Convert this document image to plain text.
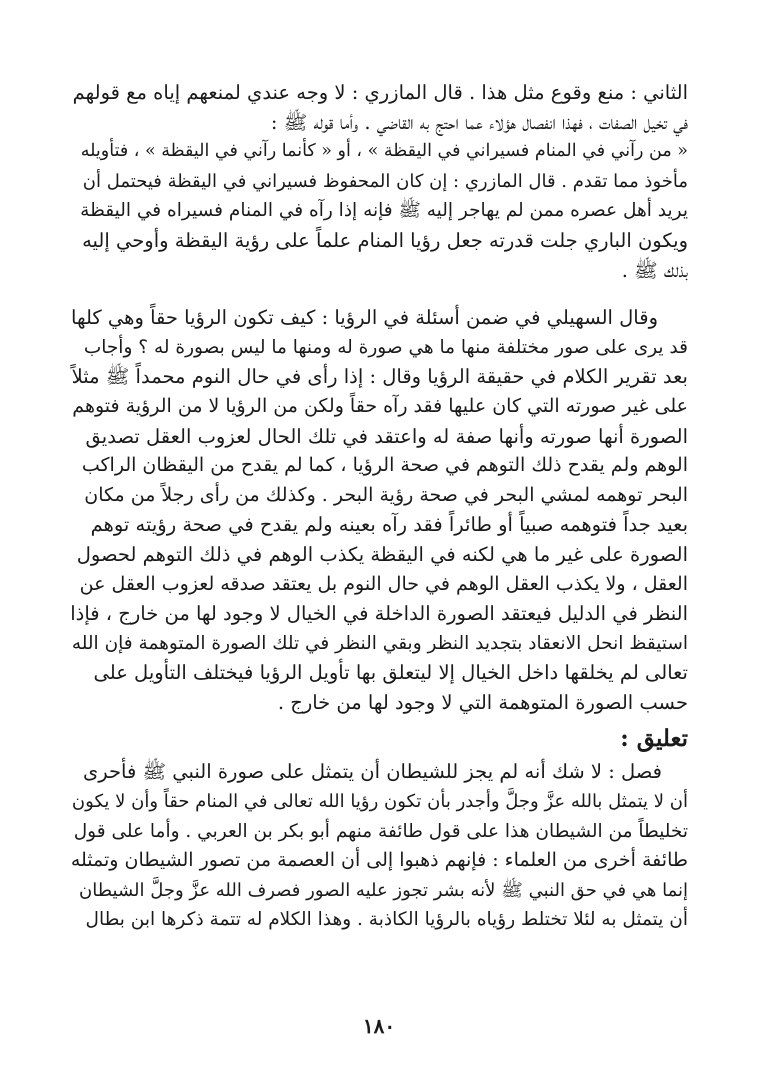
الثاني : منع وقوع مثل هذا . قال المازري : لا وجه عندي لمنعهم إياه مع قولهم

في تخيل الصفات ، فهذا انفصال هؤلاء عما احتج به القاضي . وأما قوله ﷺ :

« من رآني في المنام فسيراني في اليقظة » ، أو « كأنما رآني في اليقظة » ، فتأويله

مأخوذ مما تقدم . قال المازري : إن كان المحفوظ فسيراني في اليقظة فيحتمل أن

يريد أهل عصره ممن لم يهاجر إليه ﷺ فإنه إذا رآه في المنام فسيراه في اليقظة

ويكون الباري جلت قدرته جعل رؤيا المنام علماً على رؤية اليقظة وأوحي إليه

بذلك ﷺ .

وقال السهيلي في ضمن أسئلة في الرؤيا : كيف تكون الرؤيا حقاً وهي كلها

قد يرى على صور مختلفة منها ما هي صورة له ومنها ما ليس بصورة له ؟ وأجاب

بعد تقرير الكلام في حقيقة الرؤيا وقال : إذا رأى في حال النوم محمداً ﷺ مثلاً

على غير صورته التي كان عليها فقد رآه حقاً ولكن من الرؤيا لا من الرؤية فتوهم

الصورة أنها صورته وأنها صفة له واعتقد في تلك الحال لعزوب العقل تصديق

الوهم ولم يقدح ذلك التوهم في صحة الرؤيا ، كما لم يقدح من اليقظان الراكب

البحر توهمه لمشي البحر في صحة رؤية البحر . وكذلك من رأى رجلاً من مكان

بعيد جداً فتوهمه صبياً أو طائراً فقد رآه بعينه ولم يقدح في صحة رؤيته توهم

الصورة على غير ما هي لكنه في اليقظة يكذب الوهم في ذلك التوهم لحصول

العقل ، ولا يكذب العقل الوهم في حال النوم بل يعتقد صدقه لعزوب العقل عن

النظر في الدليل فيعتقد الصورة الداخلة في الخيال لا وجود لها من خارج ، فإذا

استيقظ انحل الانعقاد بتجديد النظر وبقي النظر في تلك الصورة المتوهمة فإن الله

تعالى لم يخلقها داخل الخيال إلا ليتعلق بها تأويل الرؤيا فيختلف التأويل على

حسب الصورة المتوهمة التي لا وجود لها من خارج .

تعليق :

فصل : لا شك أنه لم يجز للشيطان أن يتمثل على صورة النبي ﷺ فأحرى

أن لا يتمثل بالله عزَّ وجلَّ وأجدر بأن تكون رؤيا الله تعالى في المنام حقاً وأن لا يكون

تخليطاً من الشيطان هذا على قول طائفة منهم أبو بكر بن العربي . وأما على قول

طائفة أخرى من العلماء : فإنهم ذهبوا إلى أن العصمة من تصور الشيطان وتمثله

إنما هي في حق النبي ﷺ لأنه بشر تجوز عليه الصور فصرف الله عزَّ وجلَّ الشيطان

أن يتمثل به لئلا تختلط رؤياه بالرؤيا الكاذبة . وهذا الكلام له تتمة ذكرها ابن بطال

١٨٠
